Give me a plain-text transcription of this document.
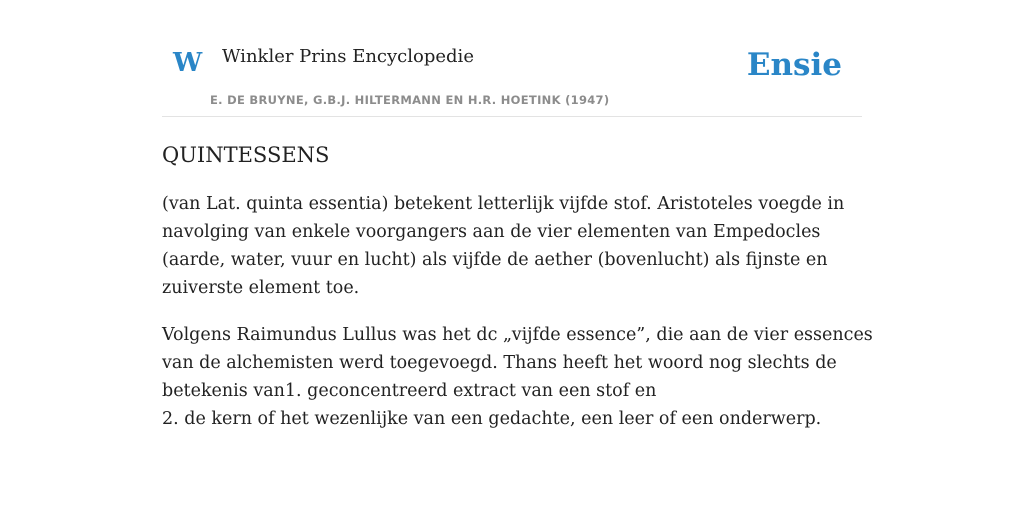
W Winkler Prins Encyclopedie
E. DE BRUYNE, G.B.J. HILTERMANN EN H.R. HOETINK (1947)
Ensie
QUINTESSENS

(van Lat. quinta essentia) betekent letterlijk vijfde stof. Aristoteles voegde in navolging van enkele voorgangers aan de vier elementen van Empedocles (aarde, water, vuur en lucht) als vijfde de aether (bovenlucht) als fijnste en zuiverste element toe.

Volgens Raimundus Lullus was het dc „vijfde essence”, die aan de vier essences
van de alchemisten werd toegevoegd. Thans heeft het woord nog slechts de
betekenis van1. geconcentreerd extract van een stof en
2. de kern of het wezenlijke van een gedachte, een leer of een onderwerp.
